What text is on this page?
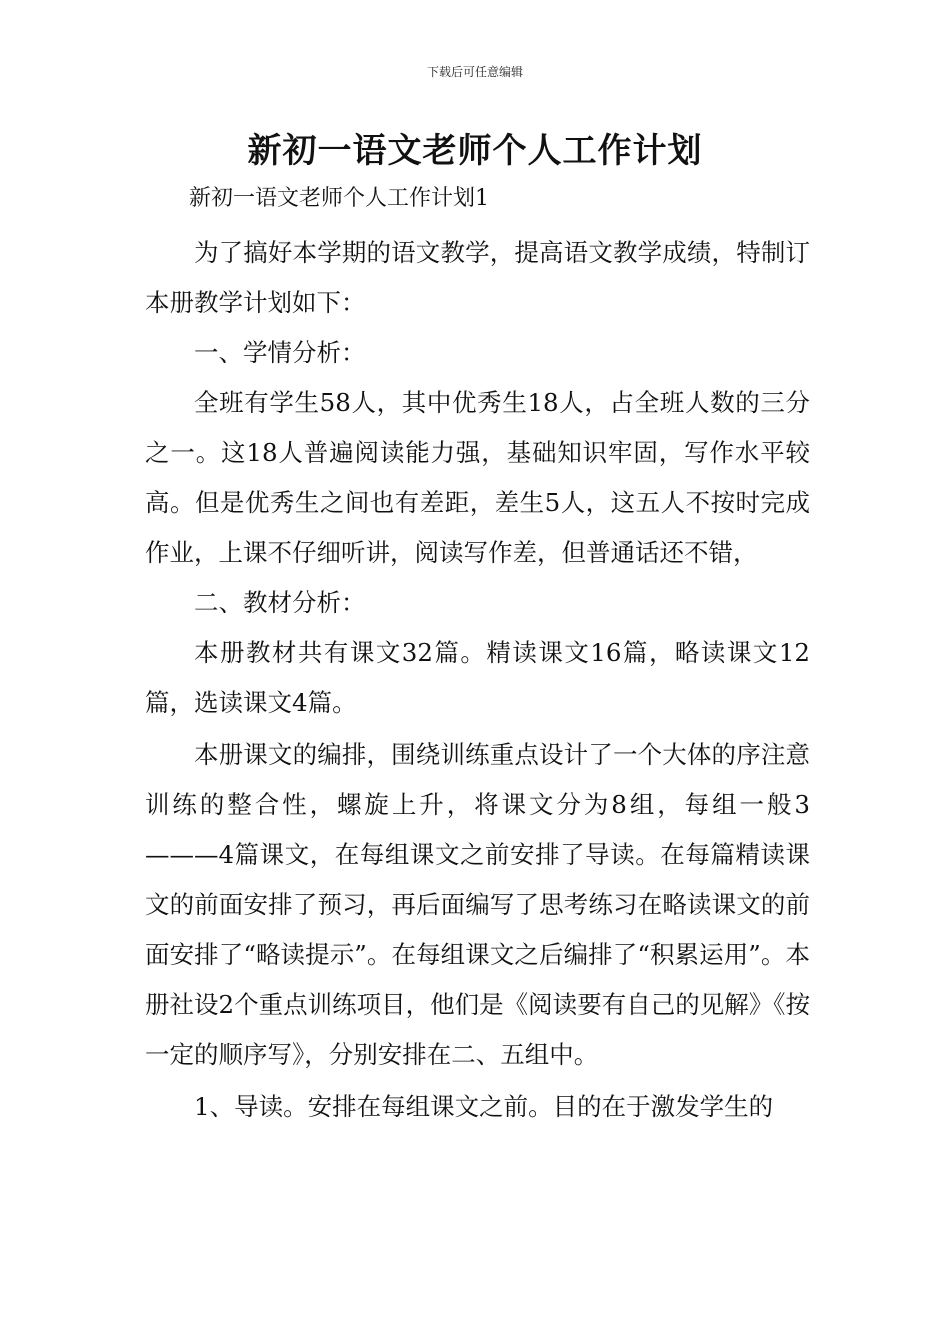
下载后可任意编辑
新初一语文老师个人工作计划

新初一语文老师个人工作计划1

为了搞好本学期的语文教学，提高语文教学成绩，特制订本册教学计划如下：

一、学情分析：

全班有学生58人，其中优秀生18人，占全班人数的三分之一。这18人普遍阅读能力强，基础知识牢固，写作水平较高。但是优秀生之间也有差距，差生5人，这五人不按时完成作业，上课不仔细听讲，阅读写作差，但普通话还不错，

二、教材分析：

本册教材共有课文32篇。精读课文16篇，略读课文12篇，选读课文4篇。

本册课文的编排，围绕训练重点设计了一个大体的序注意训练的整合性，螺旋上升，将课文分为8组，每组一般3———4篇课文，在每组课文之前安排了导读。在每篇精读课文的前面安排了预习，再后面编写了思考练习在略读课文的前面安排了“略读提示”。在每组课文之后编排了“积累运用”。本册社设2个重点训练项目，他们是《阅读要有自己的见解》《按一定的顺序写》，分别安排在二、五组中。

1、导读。安排在每组课文之前。目的在于激发学生的
